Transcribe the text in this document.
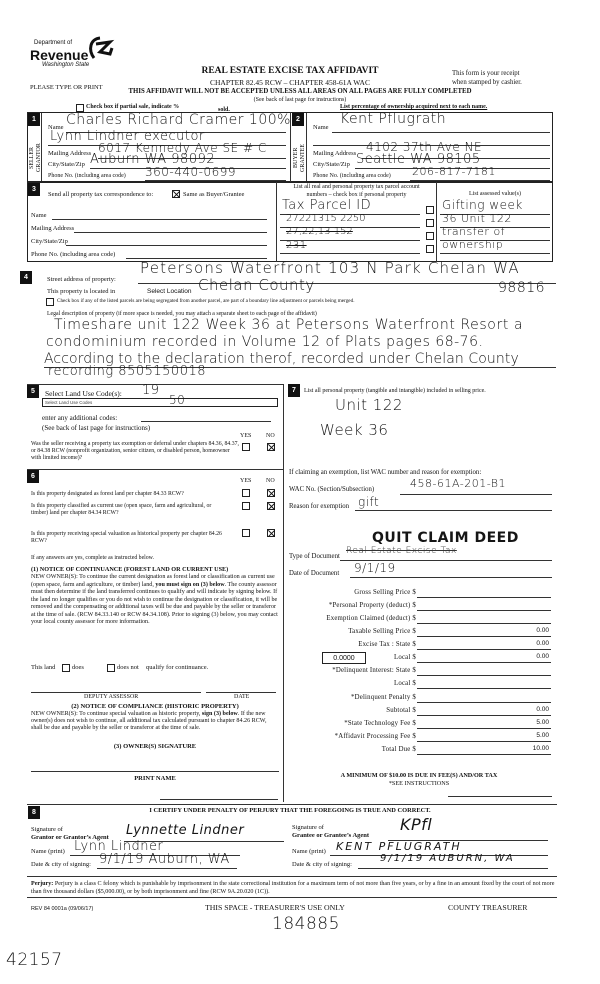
Department of
Revenue
Washington State
PLEASE TYPE OR PRINT
REAL ESTATE EXCISE TAX AFFIDAVIT
CHAPTER 82.45 RCW – CHAPTER 458-61A WAC
This form is your receipt
when stamped by cashier.
THIS AFFIDAVIT WILL NOT BE ACCEPTED UNLESS ALL AREAS ON ALL PAGES ARE FULLY COMPLETED
(See back of last page for instructions)
Check box if partial sale, indicate %	sold.	List percentage of ownership acquired next to each name.
1
SELLER GRANTOR
Name Charles Richard Cramer 100%
Lynn Lindner executor
Mailing Address 6017 Kennedy Ave SE # C
City/State/Zip Auburn WA 98092
Phone No. (including area code) 360-440-0699
2
BUYER GRANTEE
Name
Kent Pflugrath
Mailing Address 4102 37th Ave NE
City/State/Zip Seattle WA 98105
Phone No. (including area code) 206-817-7181
3
Send all property tax correspondence to:	Same as Buyer/Grantee
Name
Mailing Address
City/State/Zip
Phone No. (including area code)
List all real and personal property tax parcel account
numbers – check box if personal property	List assessed value(s)
Tax Parcel ID	Gifting week
27221315 2250	36 Unit 122
27,22,13 152	transfer of
231	ownership
4	Street address of property:
Petersons Waterfront 103 N Park Chelan WA
This property is located in	Select Location Chelan County	98816
Check box if any of the listed parcels are being segregated from another parcel, are part of a boundary line adjustment or parcels being merged.
Legal description of property (if more space is needed, you may attach a separate sheet to each page of the affidavit)
Timeshare unit 122 Week 36 at Petersons Waterfront Resort a
condominium recorded in Volume 12 of Plats pages 68-76.
According to the declaration therof, recorded under Chelan County
recording 8505150018
5	Select Land Use Code(s): 19
Select Land Use Codes	50
enter any additional codes:
(See back of last page for instructions)
YES NO
Was the seller receiving a property tax exemption or deferral under chapters 84.36, 84.37, or 84.38 RCW (nonprofit organization, senior citizen, or disabled person, homeowner with limited income)?
6
YES NO
Is this property designated as forest land per chapter 84.33 RCW?
Is this property classified as current use (open space, farm and agricultural, or timber) land per chapter 84.34 RCW?
Is this property receiving special valuation as historical property per chapter 84.26 RCW?
If any answers are yes, complete as instructed below.
(1) NOTICE OF CONTINUANCE (FOREST LAND OR CURRENT USE)
NEW OWNER(S): To continue the current designation as forest land or classification as current use (open space, farm and agriculture, or timber) land, you must sign on (3) below. The county assessor must then determine if the land transferred continues to qualify and will indicate by signing below. If the land no longer qualifies or you do not wish to continue the designation or classification, it will be removed and the compensating or additional taxes will be due and payable by the seller or transferor at the time of sale. (RCW 84.33.140 or RCW 84.34.108). Prior to signing (3) below, you may contact your local county assessor for more information.
This land	does	does not qualify for continuance.
DEPUTY ASSESSOR	DATE
(2) NOTICE OF COMPLIANCE (HISTORIC PROPERTY)
NEW OWNER(S): To continue special valuation as historic property, sign (3) below. If the new owner(s) does not wish to continue, all additional tax calculated pursuant to chapter 84.26 RCW, shall be due and payable by the seller or transferor at the time of sale.
(3) OWNER(S) SIGNATURE
PRINT NAME
7	List all personal property (tangible and intangible) included in selling price.
Unit 122
Week 36
If claiming an exemption, list WAC number and reason for exemption:
WAC No. (Section/Subsection)	458-61A-201-B1
Reason for exemption gift
Type of Document
Real Estate Excise Tax
QUIT CLAIM DEED
Date of Document 9/1/19
Gross Selling Price $
*Personal Property (deduct) $
Exemption Claimed (deduct) $
Taxable Selling Price $	0.00
Excise Tax : State $	0.00
0.0000	Local $	0.00
*Delinquent Interest: State $
Local $
*Delinquent Penalty $
Subtotal $	0.00
*State Technology Fee $	5.00
*Affidavit Processing Fee $	5.00
Total Due $	10.00
A MINIMUM OF $10.00 IS DUE IN FEE(S) AND/OR TAX
*SEE INSTRUCTIONS
8	I CERTIFY UNDER PENALTY OF PERJURY THAT THE FOREGOING IS TRUE AND CORRECT.
Signature of
Grantor or Grantor’s Agent Lynnette Lindner
Name (print) Lynn Lindner
Date & city of signing: 9/1/19 Auburn, WA
Signature of
Grantee or Grantee’s Agent
KPfl
Name (print) KENT PFLUGRATH
Date & city of signing:
9/1/19 AUBURN, WA
Perjury: Perjury is a class C felony which is punishable by imprisonment in the state correctional institution for a maximum term of not more than five years, or by a fine in an amount fixed by the court of not more than five thousand dollars ($5,000.00), or by both imprisonment and fine (RCW 9A.20.020 (1C)).
REV 84 0001a (09/06/17)	THIS SPACE - TREASURER'S USE ONLY	COUNTY TREASURER
184885
42157
